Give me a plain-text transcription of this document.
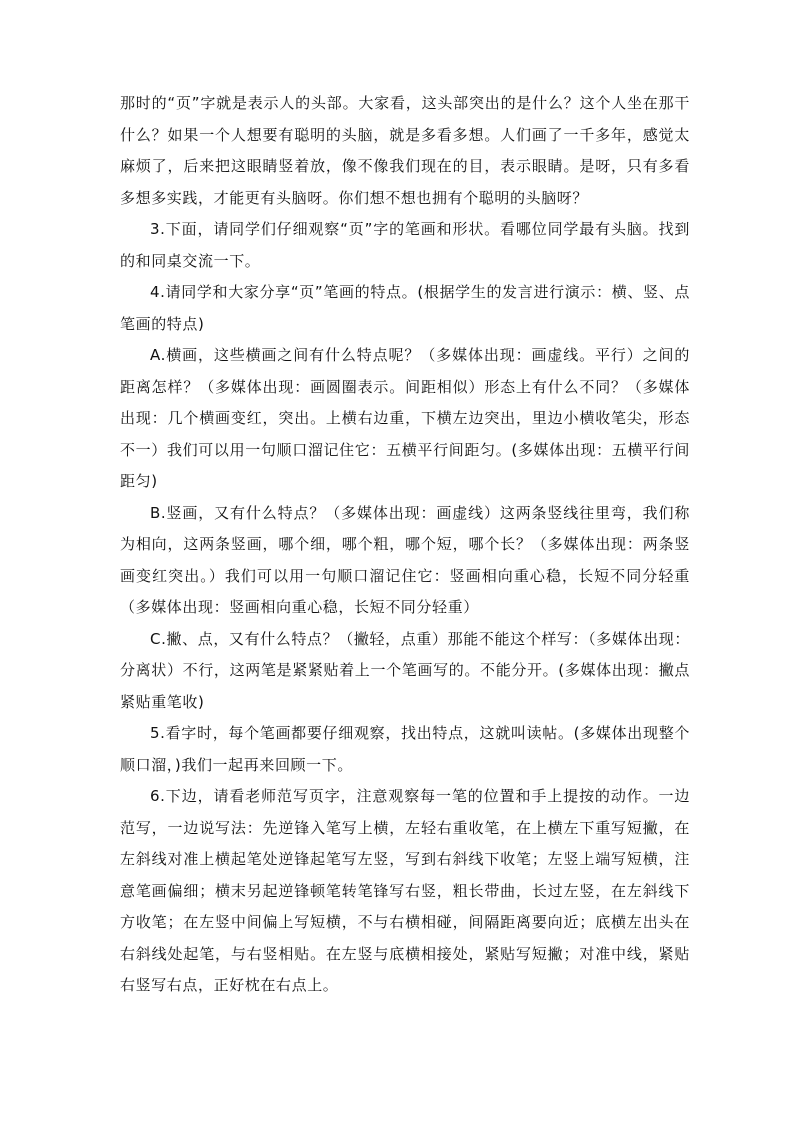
那时的“页”字就是表示人的头部。大家看，这头部突出的是什么？这个人坐在那干什么？如果一个人想要有聪明的头脑，就是多看多想。人们画了一千多年，感觉太麻烦了，后来把这眼睛竖着放，像不像我们现在的目，表示眼睛。是呀，只有多看多想多实践，才能更有头脑呀。你们想不想也拥有个聪明的头脑呀？

3.下面，请同学们仔细观察“页”字的笔画和形状。看哪位同学最有头脑。找到的和同桌交流一下。

4.请同学和大家分享“页”笔画的特点。(根据学生的发言进行演示：横、竖、点笔画的特点)

A.横画，这些横画之间有什么特点呢？（多媒体出现：画虚线。平行）之间的距离怎样？（多媒体出现：画圆圈表示。间距相似）形态上有什么不同？（多媒体出现：几个横画变红，突出。上横右边重，下横左边突出，里边小横收笔尖，形态不一）我们可以用一句顺口溜记住它：五横平行间距匀。(多媒体出现：五横平行间距匀)

B.竖画，又有什么特点？（多媒体出现：画虚线）这两条竖线往里弯，我们称为相向，这两条竖画，哪个细，哪个粗，哪个短，哪个长？（多媒体出现：两条竖画变红突出。）我们可以用一句顺口溜记住它：竖画相向重心稳，长短不同分轻重（多媒体出现：竖画相向重心稳，长短不同分轻重）

C.撇、点，又有什么特点？（撇轻，点重）那能不能这个样写：（多媒体出现：分离状）不行，这两笔是紧紧贴着上一个笔画写的。不能分开。(多媒体出现：撇点紧贴重笔收)

5.看字时，每个笔画都要仔细观察，找出特点，这就叫读帖。(多媒体出现整个顺口溜，)我们一起再来回顾一下。

6.下边，请看老师范写页字，注意观察每一笔的位置和手上提按的动作。一边范写，一边说写法：先逆锋入笔写上横，左轻右重收笔，在上横左下重写短撇，在左斜线对准上横起笔处逆锋起笔写左竖，写到右斜线下收笔；左竖上端写短横，注意笔画偏细；横末另起逆锋顿笔转笔锋写右竖，粗长带曲，长过左竖，在左斜线下方收笔；在左竖中间偏上写短横，不与右横相碰，间隔距离要向近；底横左出头在右斜线处起笔，与右竖相贴。在左竖与底横相接处，紧贴写短撇；对准中线，紧贴右竖写右点，正好枕在右点上。
